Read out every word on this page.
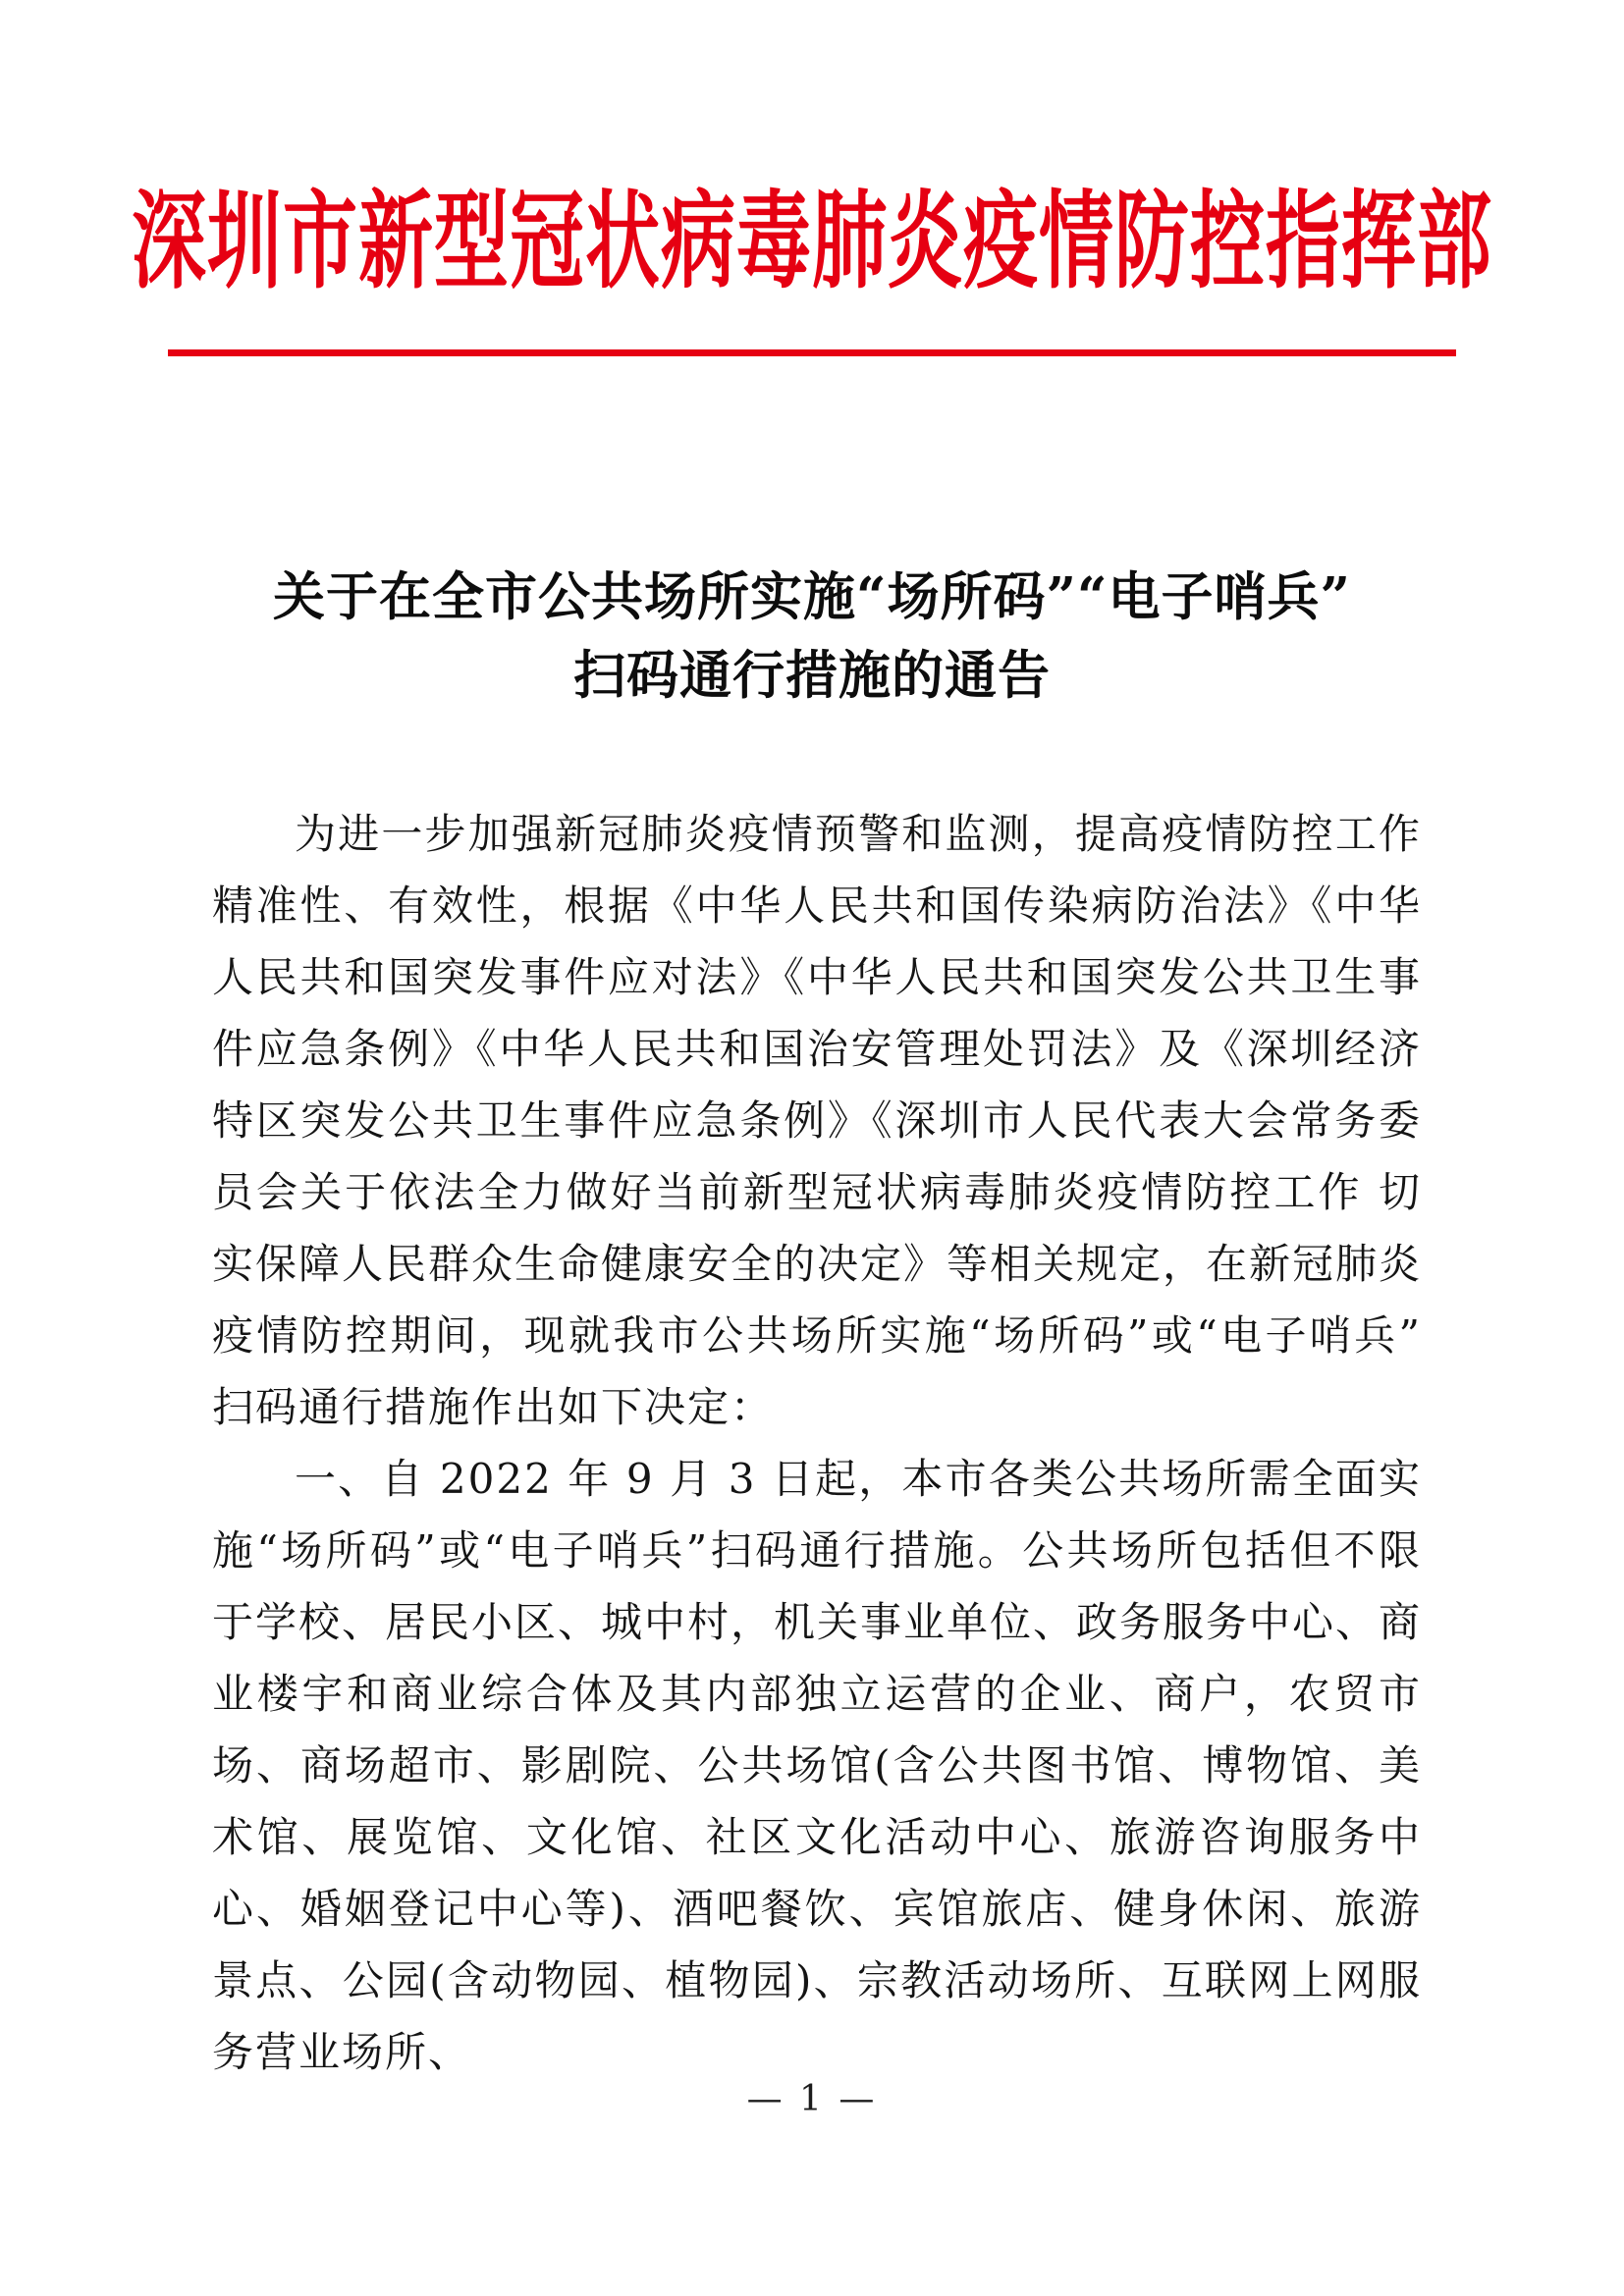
深圳市新型冠状病毒肺炎疫情防控指挥部
关于在全市公共场所实施“场所码”“电子哨兵”
扫码通行措施的通告

为进一步加强新冠肺炎疫情预警和监测，提高疫情防控工作精准性、有效性，根据《中华人民共和国传染病防治法》《中华人民共和国突发事件应对法》《中华人民共和国突发公共卫生事件应急条例》《中华人民共和国治安管理处罚法》及《深圳经济特区突发公共卫生事件应急条例》《深圳市人民代表大会常务委员会关于依法全力做好当前新型冠状病毒肺炎疫情防控工作 切实保障人民群众生命健康安全的决定》等相关规定，在新冠肺炎疫情防控期间，现就我市公共场所实施“场所码”或“电子哨兵”扫码通行措施作出如下决定：

一、自 2022 年 9 月 3 日起，本市各类公共场所需全面实施“场所码”或“电子哨兵”扫码通行措施。公共场所包括但不限于学校、居民小区、城中村，机关事业单位、政务服务中心、商业楼宇和商业综合体及其内部独立运营的企业、商户，农贸市场、商场超市、影剧院、公共场馆(含公共图书馆、博物馆、美术馆、展览馆、文化馆、社区文化活动中心、旅游咨询服务中心、婚姻登记中心等)、酒吧餐饮、宾馆旅店、健身休闲、旅游景点、公园(含动物园、植物园)、宗教活动场所、互联网上网服务营业场所、

— 1 —
